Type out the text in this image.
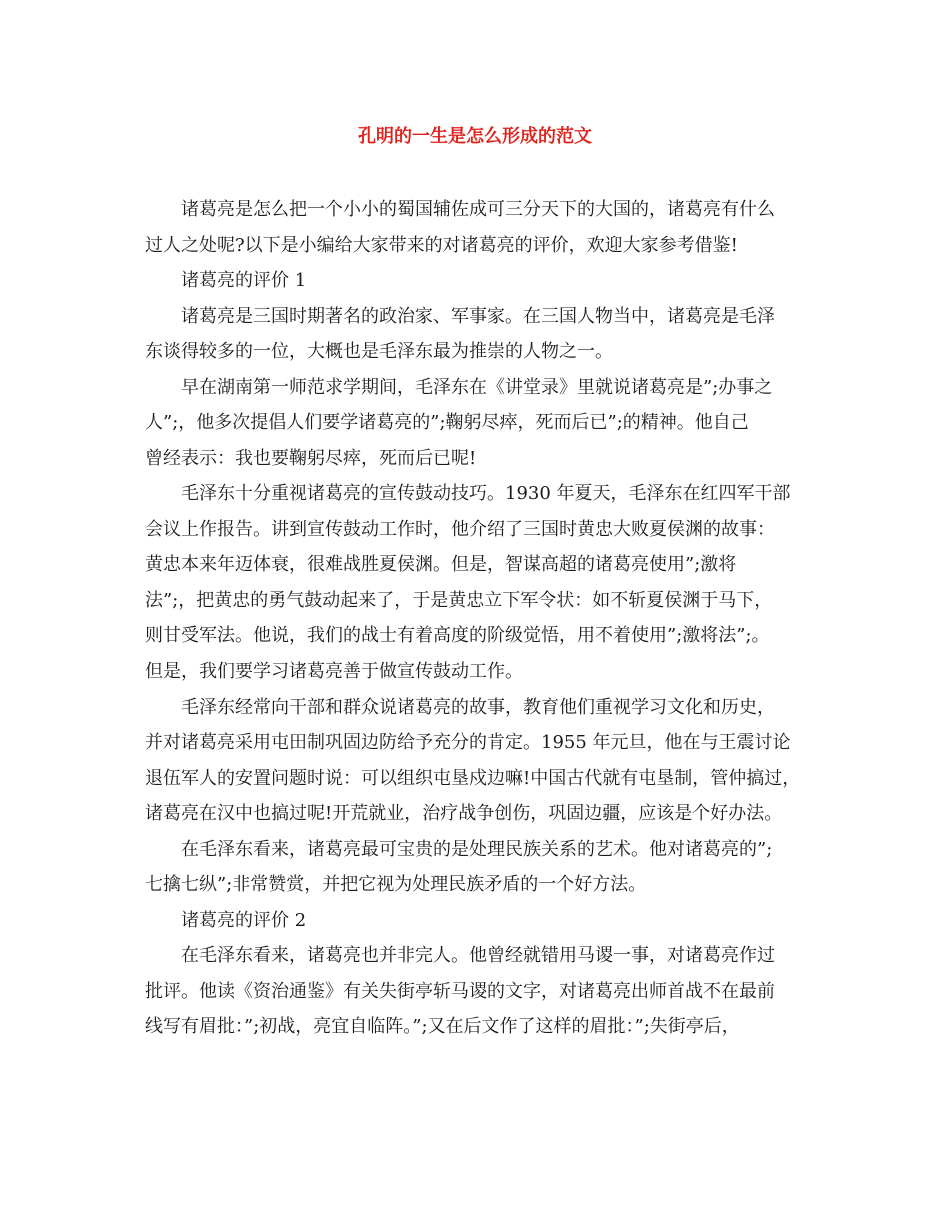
孔明的一生是怎么形成的范文

诸葛亮是怎么把一个小小的蜀国辅佐成可三分天下的大国的，诸葛亮有什么

过人之处呢?以下是小编给大家带来的对诸葛亮的评价，欢迎大家参考借鉴!

诸葛亮的评价 1

诸葛亮是三国时期著名的政治家、军事家。在三国人物当中，诸葛亮是毛泽

东谈得较多的一位，大概也是毛泽东最为推崇的人物之一。

早在湖南第一师范求学期间，毛泽东在《讲堂录》里就说诸葛亮是”;办事之

人”;，他多次提倡人们要学诸葛亮的”;鞠躬尽瘁，死而后已”;的精神。他自己

曾经表示：我也要鞠躬尽瘁，死而后已呢!

毛泽东十分重视诸葛亮的宣传鼓动技巧。1930 年夏天，毛泽东在红四军干部

会议上作报告。讲到宣传鼓动工作时，他介绍了三国时黄忠大败夏侯渊的故事：

黄忠本来年迈体衰，很难战胜夏侯渊。但是，智谋高超的诸葛亮使用”;激将

法”;，把黄忠的勇气鼓动起来了，于是黄忠立下军令状：如不斩夏侯渊于马下，

则甘受军法。他说，我们的战士有着高度的阶级觉悟，用不着使用”;激将法”;。

但是，我们要学习诸葛亮善于做宣传鼓动工作。

毛泽东经常向干部和群众说诸葛亮的故事，教育他们重视学习文化和历史，

并对诸葛亮采用屯田制巩固边防给予充分的肯定。1955 年元旦，他在与王震讨论

退伍军人的安置问题时说：可以组织屯垦戍边嘛!中国古代就有屯垦制，管仲搞过，

诸葛亮在汉中也搞过呢!开荒就业，治疗战争创伤，巩固边疆，应该是个好办法。

在毛泽东看来，诸葛亮最可宝贵的是处理民族关系的艺术。他对诸葛亮的”;

七擒七纵”;非常赞赏，并把它视为处理民族矛盾的一个好方法。

诸葛亮的评价 2

在毛泽东看来，诸葛亮也并非完人。他曾经就错用马谡一事，对诸葛亮作过

批评。他读《资治通鉴》有关失街亭斩马谡的文字，对诸葛亮出师首战不在最前

线写有眉批：”;初战，亮宜自临阵。”;又在后文作了这样的眉批：”;失街亭后，
